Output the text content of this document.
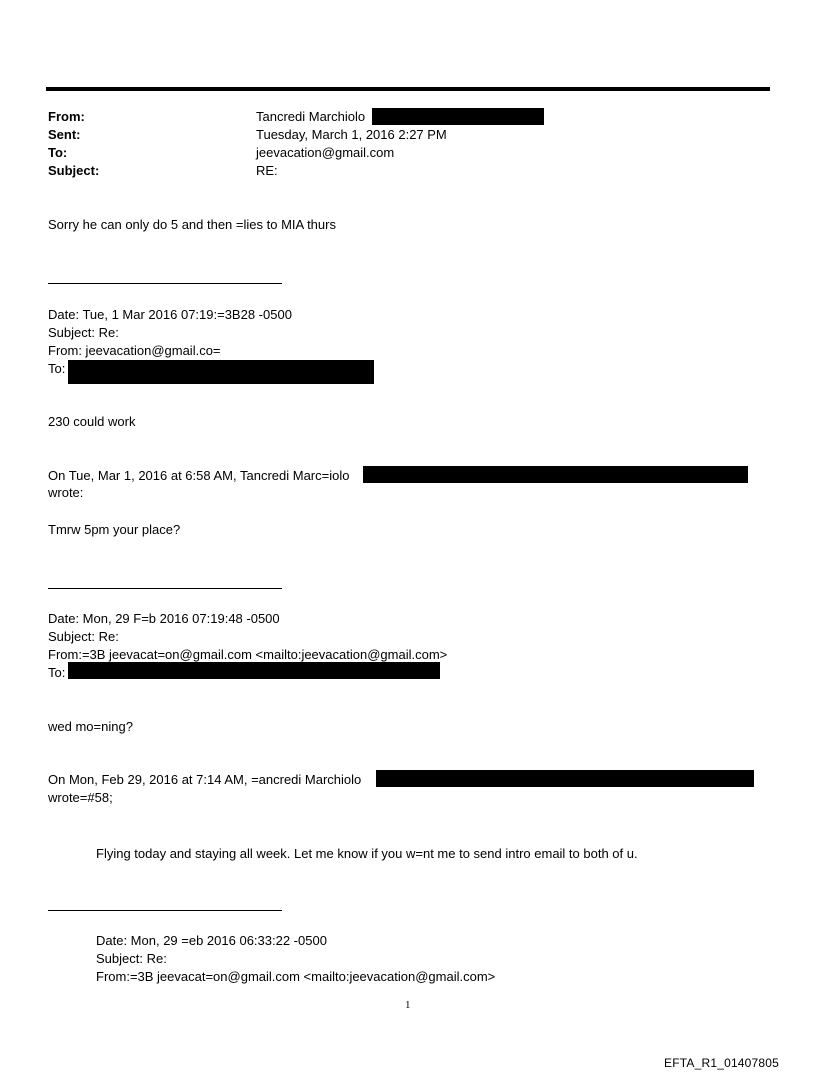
From:
Sent:
To:
Subject:
Tancredi Marchiolo
Tuesday, March 1, 2016 2:27 PM
jeevacation@gmail.com
RE:
Sorry he can only do 5 and then =lies to MIA thurs
Date: Tue, 1 Mar 2016 07:19:=3B28 -0500
Subject: Re:
From: jeevacation@gmail.co=
To:
230 could work
On Tue, Mar 1, 2016 at 6:58 AM, Tancredi Marc=iolo
wrote:
Tmrw 5pm your place?
Date: Mon, 29 F=b 2016 07:19:48 -0500
Subject: Re:
From:=3B jeevacat=on@gmail.com <mailto:jeevacation@gmail.com>
To:
wed mo=ning?
On Mon, Feb 29, 2016 at 7:14 AM, =ancredi Marchiolo
wrote=#58;
Flying today and staying all week. Let me know if you w=nt me to send intro email to both of u.
Date: Mon, 29 =eb 2016 06:33:22 -0500
Subject: Re:
From:=3B jeevacat=on@gmail.com <mailto:jeevacation@gmail.com>
1
EFTA_R1_01407805
